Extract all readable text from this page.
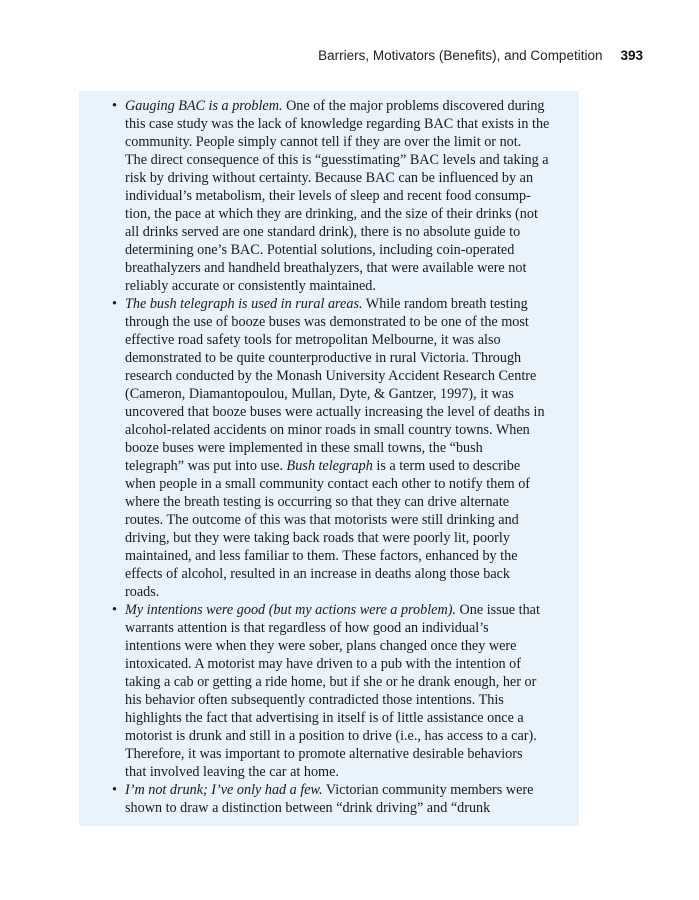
Barriers, Motivators (Benefits), and Competition 393
• Gauging BAC is a problem. One of the major problems discovered during
this case study was the lack of knowledge regarding BAC that exists in the
community. People simply cannot tell if they are over the limit or not.
The direct consequence of this is “guesstimating” BAC levels and taking a
risk by driving without certainty. Because BAC can be influenced by an
individual’s metabolism, their levels of sleep and recent food consump-
tion, the pace at which they are drinking, and the size of their drinks (not
all drinks served are one standard drink), there is no absolute guide to
determining one’s BAC. Potential solutions, including coin-operated
breathalyzers and handheld breathalyzers, that were available were not
reliably accurate or consistently maintained.
• The bush telegraph is used in rural areas. While random breath testing
through the use of booze buses was demonstrated to be one of the most
effective road safety tools for metropolitan Melbourne, it was also
demonstrated to be quite counterproductive in rural Victoria. Through
research conducted by the Monash University Accident Research Centre
(Cameron, Diamantopoulou, Mullan, Dyte, & Gantzer, 1997), it was
uncovered that booze buses were actually increasing the level of deaths in
alcohol-related accidents on minor roads in small country towns. When
booze buses were implemented in these small towns, the “bush
telegraph” was put into use. Bush telegraph is a term used to describe
when people in a small community contact each other to notify them of
where the breath testing is occurring so that they can drive alternate
routes. The outcome of this was that motorists were still drinking and
driving, but they were taking back roads that were poorly lit, poorly
maintained, and less familiar to them. These factors, enhanced by the
effects of alcohol, resulted in an increase in deaths along those back
roads.
• My intentions were good (but my actions were a problem). One issue that
warrants attention is that regardless of how good an individual’s
intentions were when they were sober, plans changed once they were
intoxicated. A motorist may have driven to a pub with the intention of
taking a cab or getting a ride home, but if she or he drank enough, her or
his behavior often subsequently contradicted those intentions. This
highlights the fact that advertising in itself is of little assistance once a
motorist is drunk and still in a position to drive (i.e., has access to a car).
Therefore, it was important to promote alternative desirable behaviors
that involved leaving the car at home.
• I’m not drunk; I’ve only had a few. Victorian community members were
shown to draw a distinction between “drink driving” and “drunk
